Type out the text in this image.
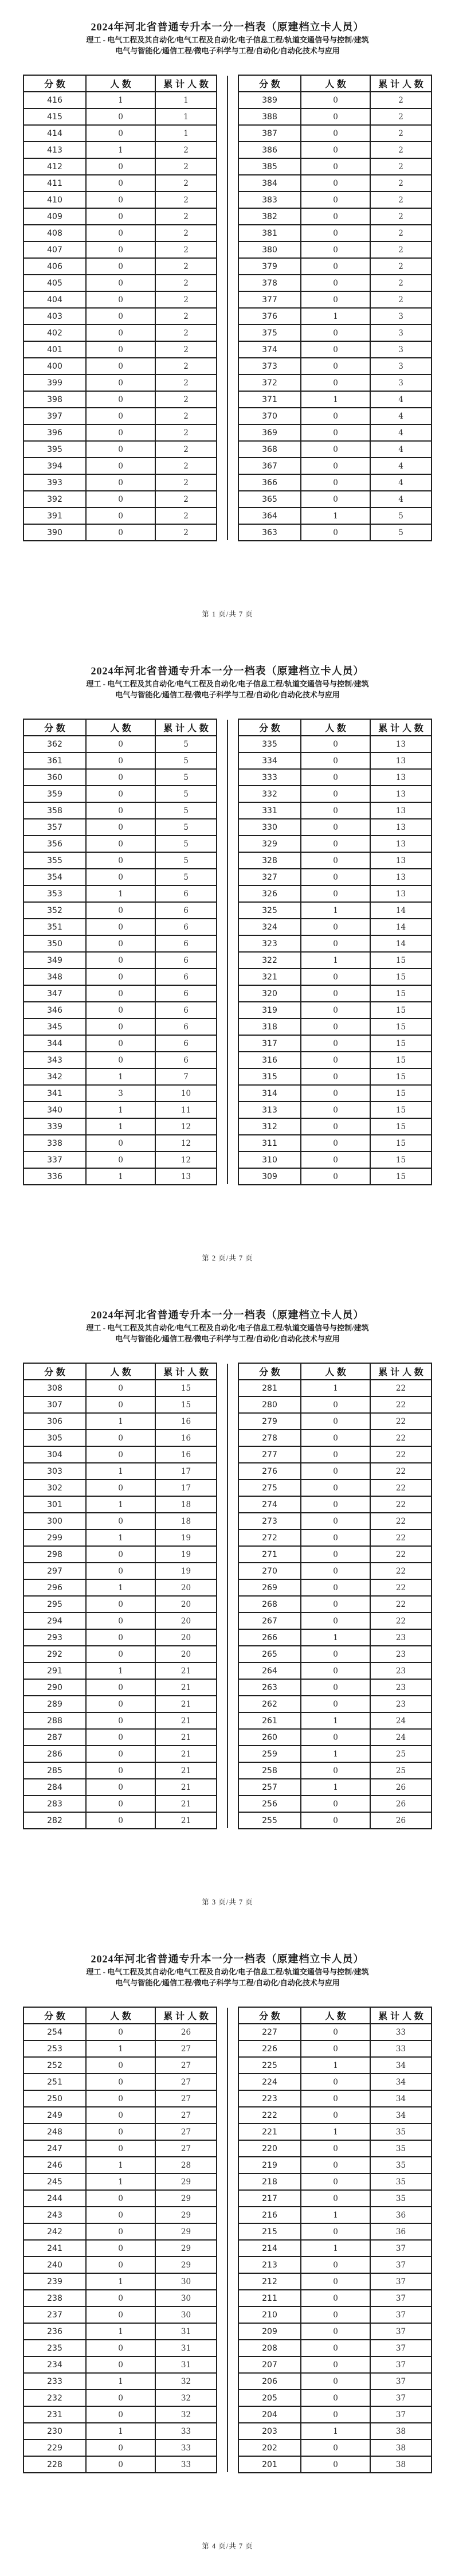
2024年河北省普通专升本一分一档表（原建档立卡人员）
理工 - 电气工程及其自动化/电气工程及自动化/电子信息工程/轨道交通信号与控制/建筑
电气与智能化/通信工程/微电子科学与工程/自动化/自动化技术与应用
分数	人数	累计人数
416	1	1
415	0	1
414	0	1
413	1	2
412	0	2
411	0	2
410	0	2
409	0	2
408	0	2
407	0	2
406	0	2
405	0	2
404	0	2
403	0	2
402	0	2
401	0	2
400	0	2
399	0	2
398	0	2
397	0	2
396	0	2
395	0	2
394	0	2
393	0	2
392	0	2
391	0	2
390	0	2
分数	人数	累计人数
389	0	2
388	0	2
387	0	2
386	0	2
385	0	2
384	0	2
383	0	2
382	0	2
381	0	2
380	0	2
379	0	2
378	0	2
377	0	2
376	1	3
375	0	3
374	0	3
373	0	3
372	0	3
371	1	4
370	0	4
369	0	4
368	0	4
367	0	4
366	0	4
365	0	4
364	1	5
363	0	5
第 1 页/共 7 页
2024年河北省普通专升本一分一档表（原建档立卡人员）
理工 - 电气工程及其自动化/电气工程及自动化/电子信息工程/轨道交通信号与控制/建筑
电气与智能化/通信工程/微电子科学与工程/自动化/自动化技术与应用
分数	人数	累计人数
362	0	5
361	0	5
360	0	5
359	0	5
358	0	5
357	0	5
356	0	5
355	0	5
354	0	5
353	1	6
352	0	6
351	0	6
350	0	6
349	0	6
348	0	6
347	0	6
346	0	6
345	0	6
344	0	6
343	0	6
342	1	7
341	3	10
340	1	11
339	1	12
338	0	12
337	0	12
336	1	13
分数	人数	累计人数
335	0	13
334	0	13
333	0	13
332	0	13
331	0	13
330	0	13
329	0	13
328	0	13
327	0	13
326	0	13
325	1	14
324	0	14
323	0	14
322	1	15
321	0	15
320	0	15
319	0	15
318	0	15
317	0	15
316	0	15
315	0	15
314	0	15
313	0	15
312	0	15
311	0	15
310	0	15
309	0	15
第 2 页/共 7 页
2024年河北省普通专升本一分一档表（原建档立卡人员）
理工 - 电气工程及其自动化/电气工程及自动化/电子信息工程/轨道交通信号与控制/建筑
电气与智能化/通信工程/微电子科学与工程/自动化/自动化技术与应用
分数	人数	累计人数
308	0	15
307	0	15
306	1	16
305	0	16
304	0	16
303	1	17
302	0	17
301	1	18
300	0	18
299	1	19
298	0	19
297	0	19
296	1	20
295	0	20
294	0	20
293	0	20
292	0	20
291	1	21
290	0	21
289	0	21
288	0	21
287	0	21
286	0	21
285	0	21
284	0	21
283	0	21
282	0	21
分数	人数	累计人数
281	1	22
280	0	22
279	0	22
278	0	22
277	0	22
276	0	22
275	0	22
274	0	22
273	0	22
272	0	22
271	0	22
270	0	22
269	0	22
268	0	22
267	0	22
266	1	23
265	0	23
264	0	23
263	0	23
262	0	23
261	1	24
260	0	24
259	1	25
258	0	25
257	1	26
256	0	26
255	0	26
第 3 页/共 7 页
2024年河北省普通专升本一分一档表（原建档立卡人员）
理工 - 电气工程及其自动化/电气工程及自动化/电子信息工程/轨道交通信号与控制/建筑
电气与智能化/通信工程/微电子科学与工程/自动化/自动化技术与应用
分数	人数	累计人数
254	0	26
253	1	27
252	0	27
251	0	27
250	0	27
249	0	27
248	0	27
247	0	27
246	1	28
245	1	29
244	0	29
243	0	29
242	0	29
241	0	29
240	0	29
239	1	30
238	0	30
237	0	30
236	1	31
235	0	31
234	0	31
233	1	32
232	0	32
231	0	32
230	1	33
229	0	33
228	0	33
分数	人数	累计人数
227	0	33
226	0	33
225	1	34
224	0	34
223	0	34
222	0	34
221	1	35
220	0	35
219	0	35
218	0	35
217	0	35
216	1	36
215	0	36
214	1	37
213	0	37
212	0	37
211	0	37
210	0	37
209	0	37
208	0	37
207	0	37
206	0	37
205	0	37
204	0	37
203	1	38
202	0	38
201	0	38
第 4 页/共 7 页
